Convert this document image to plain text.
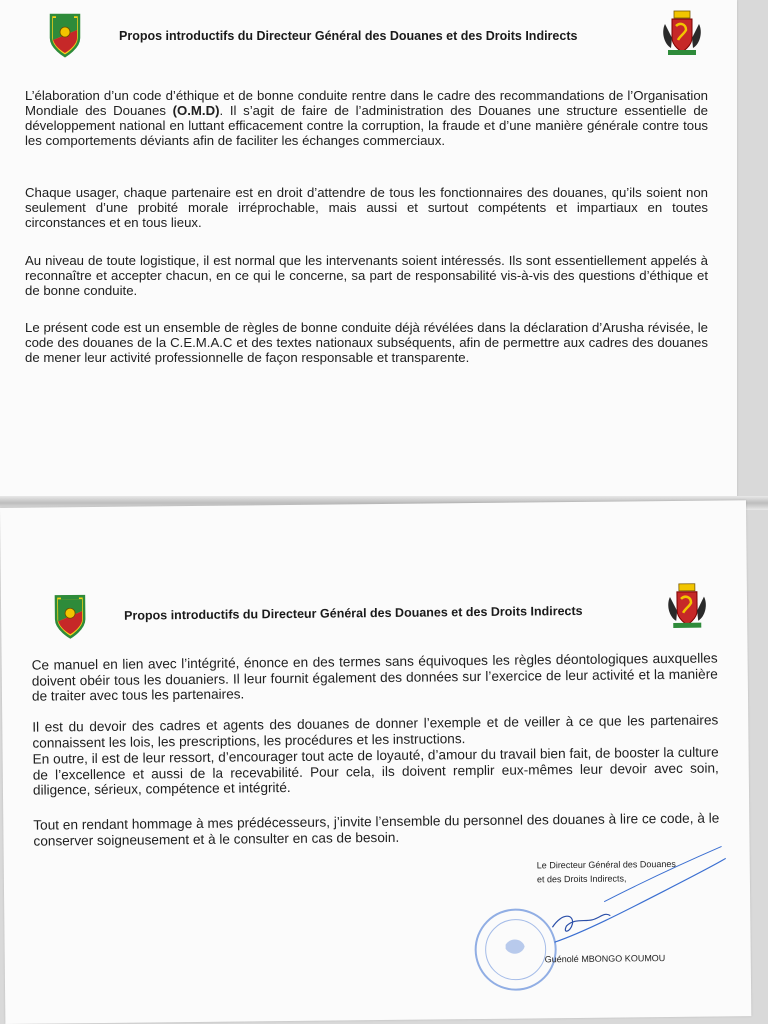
Propos introductifs du Directeur Général des Douanes et des Droits Indirects
L’élaboration d’un code d’éthique et de bonne conduite rentre dans le cadre des recommandations de l’Organisation Mondiale des Douanes (O.M.D). Il s’agit de faire de l’administration des Douanes une structure essentielle de développement national en luttant efficacement contre la corruption, la fraude et d’une manière générale contre tous les comportements déviants afin de faciliter les échanges commerciaux.
Chaque usager, chaque partenaire est en droit d’attendre de tous les fonctionnaires des douanes, qu’ils soient non seulement d’une probité morale irréprochable, mais aussi et surtout compétents et impartiaux en toutes circonstances et en tous lieux.
Au niveau de toute logistique, il est normal que les intervenants soient intéressés. Ils sont essentiellement appelés à reconnaître et accepter chacun, en ce qui le concerne, sa part de responsabilité vis-à-vis des questions d’éthique et de bonne conduite.
Le présent code est un ensemble de règles de bonne conduite déjà révélées dans la déclaration d’Arusha révisée, le code des douanes de la C.E.M.A.C et des textes nationaux subséquents, afin de permettre aux cadres des douanes de mener leur activité professionnelle de façon responsable et transparente.
Propos introductifs du Directeur Général des Douanes et des Droits Indirects
Ce manuel en lien avec l’intégrité, énonce en des termes sans équivoques les règles déontologiques auxquelles doivent obéir tous les douaniers. Il leur fournit également des données sur l’exercice de leur activité et la manière de traiter avec tous les partenaires.
Il est du devoir des cadres et agents des douanes de donner l’exemple et de veiller à ce que les partenaires connaissent les lois, les prescriptions, les procédures et les instructions.
En outre, il est de leur ressort, d’encourager tout acte de loyauté, d’amour du travail bien fait, de booster la culture de l’excellence et aussi de la recevabilité. Pour cela, ils doivent remplir eux-mêmes leur devoir avec soin, diligence, sérieux, compétence et intégrité.
Tout en rendant hommage à mes prédécesseurs, j’invite l’ensemble du personnel des douanes à lire ce code, à le conserver soigneusement et à le consulter en cas de besoin.
Le Directeur Général des Douanes
et des Droits Indirects,
Guénolé MBONGO KOUMOU
